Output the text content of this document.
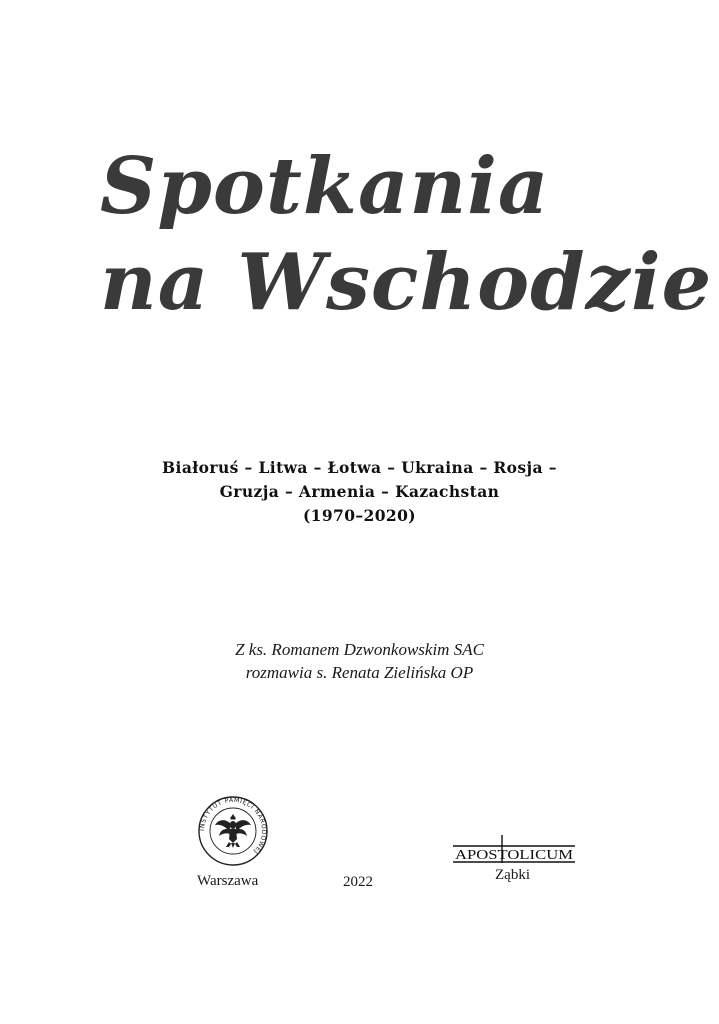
Spotkania
na Wschodzie
Białoruś – Litwa – Łotwa – Ukraina – Rosja –
Gruzja – Armenia – Kazachstan
(1970–2020)
Z ks. Romanem Dzwonkowskim SAC
rozmawia s. Renata Zielińska OP
INSTYTUT PAMIĘCI NARODOWEJ
Warszawa	2022
APOSTOLICUM
Ząbki
